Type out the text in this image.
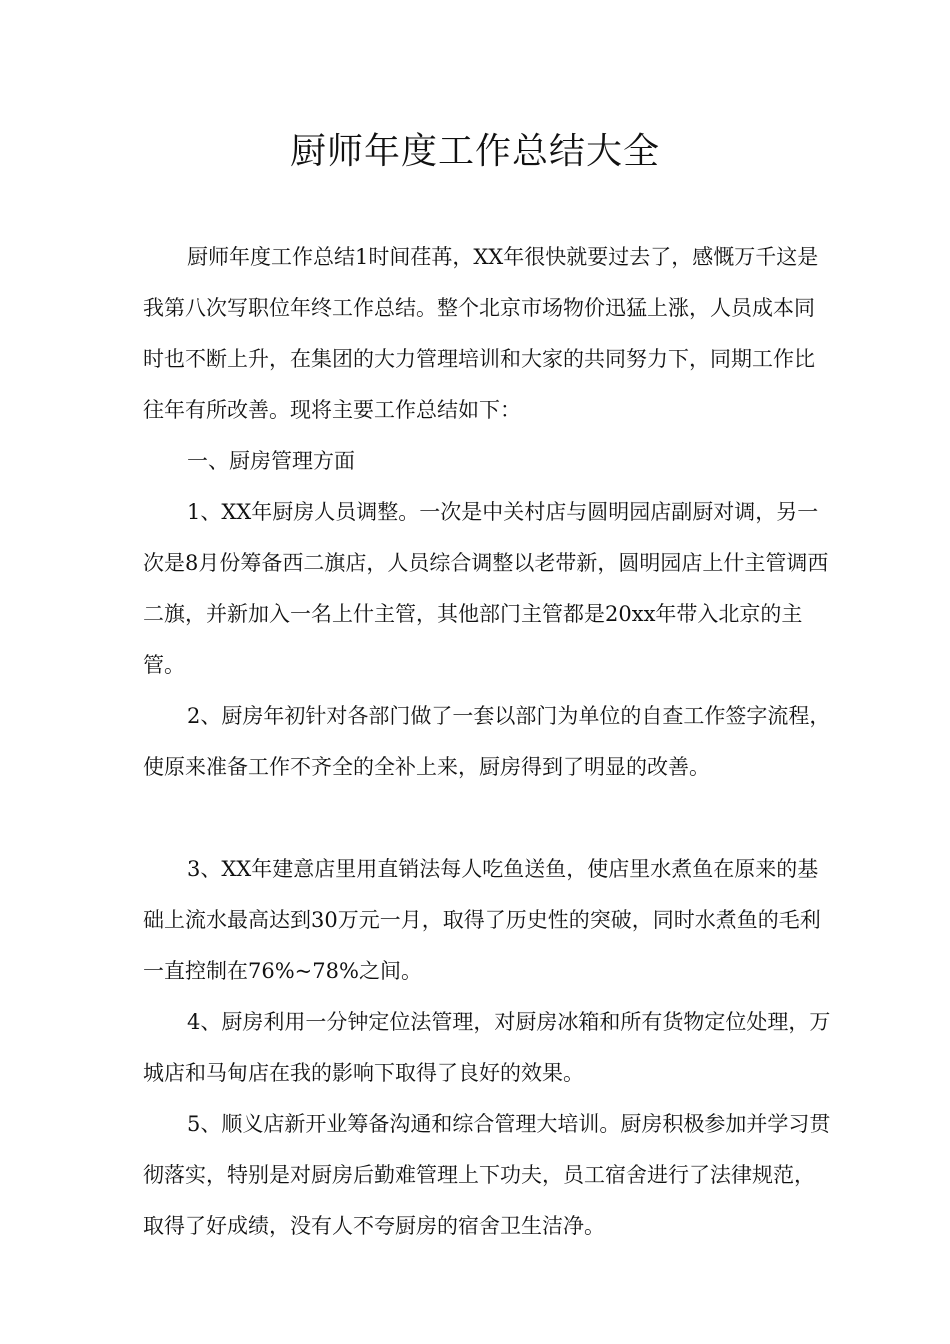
厨师年度工作总结大全

厨师年度工作总结1时间荏苒，XX年很快就要过去了，感慨万千这是我第八次写职位年终工作总结。整个北京市场物价迅猛上涨，人员成本同时也不断上升，在集团的大力管理培训和大家的共同努力下，同期工作比往年有所改善。现将主要工作总结如下：

一、厨房管理方面

1、XX年厨房人员调整。一次是中关村店与圆明园店副厨对调，另一次是8月份筹备西二旗店，人员综合调整以老带新，圆明园店上什主管调西二旗，并新加入一名上什主管，其他部门主管都是20xx年带入北京的主管。

2、厨房年初针对各部门做了一套以部门为单位的自查工作签字流程，使原来准备工作不齐全的全补上来，厨房得到了明显的改善。

3、XX年建意店里用直销法每人吃鱼送鱼，使店里水煮鱼在原来的基础上流水最高达到30万元一月，取得了历史性的突破，同时水煮鱼的毛利一直控制在76%~78%之间。

4、厨房利用一分钟定位法管理，对厨房冰箱和所有货物定位处理，万城店和马甸店在我的影响下取得了良好的效果。

5、顺义店新开业筹备沟通和综合管理大培训。厨房积极参加并学习贯彻落实，特别是对厨房后勤难管理上下功夫，员工宿舍进行了法律规范，取得了好成绩，没有人不夸厨房的宿舍卫生洁净。
